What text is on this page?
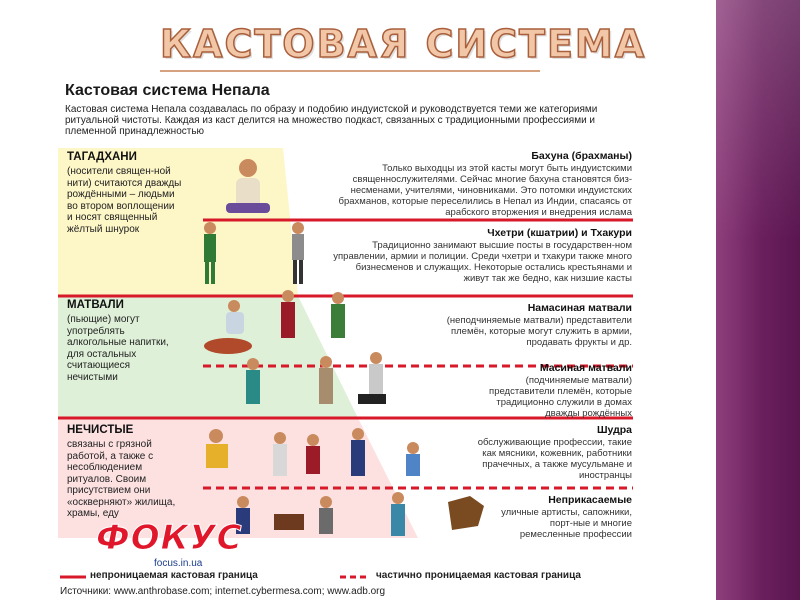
КАСТОВАЯ СИСТЕМА
Кастовая система Непала
Кастовая система Непала создавалась по образу и подобию индуистской и руководствуется теми же категориями ритуальной чистоты. Каждая из каст делится на множество подкаст, связанных с традиционными профессиями и племенной принадлежностью
ТАГАДХАНИ
(носители священ-ной нити) считаются дважды рождёнными – людьми во втором воплощении и носят священный жёлтый шнурок
МАТВАЛИ
(пьющие) могут употреблять алкогольные напитки, для остальных считающиеся нечистыми
НЕЧИСТЫЕ
связаны с грязной работой, а также с несоблюдением ритуалов. Своим присутствием они «оскверняют» жилища, храмы, еду
Бахуна (брахманы)
Только выходцы из этой касты могут быть индуистскими священнослужителями. Сейчас многие бахуна становятся биз-несменами, учителями, чиновниками. Это потомки индуистских брахманов, которые переселились в Непал из Индии, спасаясь от арабского вторжения и внедрения ислама
Чхетри (кшатрии) и Тхакури
Традиционно занимают высшие посты в государствен-ном управлении, армии и полиции. Среди чхетри и тхакури также много бизнесменов и служащих. Некоторые остались крестьянами и живут так же бедно, как низшие касты
Намасиная матвали
(неподчиняемые матвали) представители племён, которые могут служить в армии, продавать фрукты и др.
Масиная матвали
(подчиняемые матвали) представители племён, которые традиционно служили в домах дважды рождённых
Шудра
обслуживающие профессии, такие как мясники, кожевник, работники прачечных, а также мусульмане и иностранцы
Неприкасаемые
уличные артисты, сапожники, порт-ные и многие ремесленные профессии
непроницаемая кастовая граница	частично проницаемая кастовая граница
Источники: www.anthrobase.com; internet.cybermesa.com; www.adb.org
ФОКУС
focus.in.ua
